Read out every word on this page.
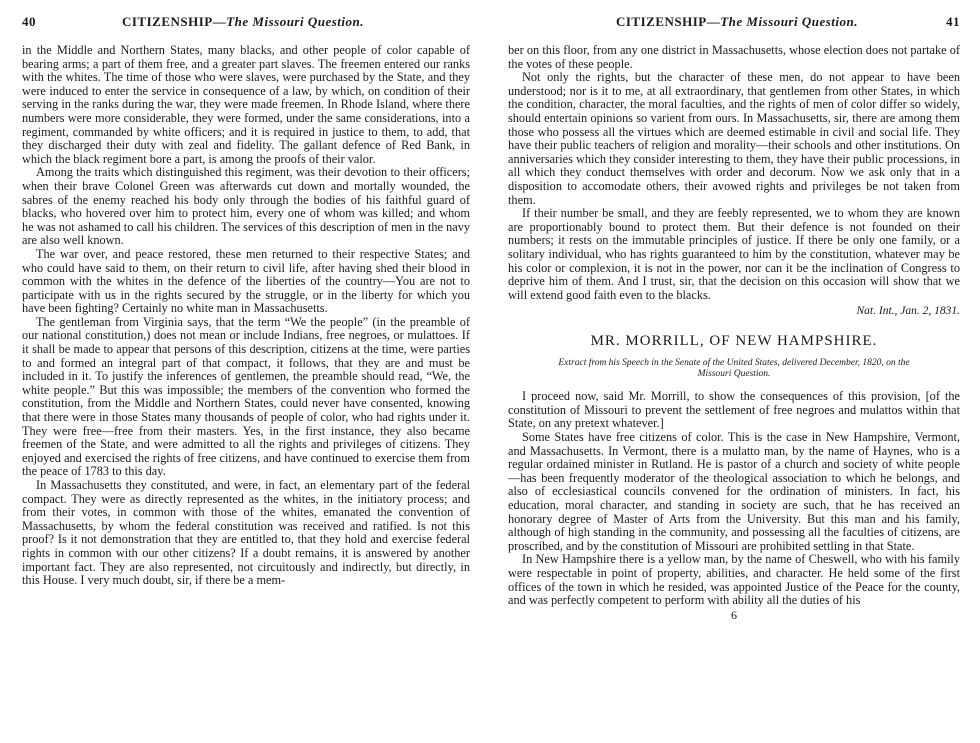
40	CITIZENSHIP—The Missouri Question.

in the Middle and Northern States, many blacks, and other people of color capable of bearing arms; a part of them free, and a greater part slaves. The freemen entered our ranks with the whites. The time of those who were slaves, were purchased by the State, and they were induced to enter the service in consequence of a law, by which, on condition of their serving in the ranks during the war, they were made freemen. In Rhode Island, where there numbers were more considerable, they were formed, under the same considerations, into a regiment, commanded by white officers; and it is required in justice to them, to add, that they discharged their duty with zeal and fidelity. The gallant defence of Red Bank, in which the black regiment bore a part, is among the proofs of their valor.

Among the traits which distinguished this regiment, was their devotion to their officers; when their brave Colonel Green was afterwards cut down and mortally wounded, the sabres of the enemy reached his body only through the bodies of his faithful guard of blacks, who hovered over him to protect him, every one of whom was killed; and whom he was not ashamed to call his children. The services of this description of men in the navy are also well known.

The war over, and peace restored, these men returned to their respective States; and who could have said to them, on their return to civil life, after having shed their blood in common with the whites in the defence of the liberties of the country—You are not to participate with us in the rights secured by the struggle, or in the liberty for which you have been fighting? Certainly no white man in Massachusetts.

The gentleman from Virginia says, that the term “We the people” (in the preamble of our national constitution,) does not mean or include Indians, free negroes, or mulattoes. If it shall be made to appear that persons of this description, citizens at the time, were parties to and formed an integral part of that compact, it follows, that they are and must be included in it. To justify the inferences of gentlemen, the preamble should read, “We, the white people.” But this was impossible; the members of the convention who formed the constitution, from the Middle and Northern States, could never have consented, knowing that there were in those States many thousands of people of color, who had rights under it. They were free—free from their masters. Yes, in the first instance, they also became freemen of the State, and were admitted to all the rights and privileges of citizens. They enjoyed and exercised the rights of free citizens, and have continued to exercise them from the peace of 1783 to this day.

In Massachusetts they constituted, and were, in fact, an elementary part of the federal compact. They were as directly represented as the whites, in the initiatory process; and from their votes, in common with those of the whites, emanated the convention of Massachusetts, by whom the federal constitution was received and ratified. Is not this proof? Is it not demonstration that they are entitled to, that they hold and exercise federal rights in common with our other citizens? If a doubt remains, it is answered by another important fact. They are also represented, not circuitously and indirectly, but directly, in this House. I very much doubt, sir, if there be a mem-

CITIZENSHIP—The Missouri Question.	41

ber on this floor, from any one district in Massachusetts, whose election does not partake of the votes of these people.

Not only the rights, but the character of these men, do not appear to have been understood; nor is it to me, at all extraordinary, that gentlemen from other States, in which the condition, character, the moral faculties, and the rights of men of color differ so widely, should entertain opinions so varient from ours. In Massachusetts, sir, there are among them those who possess all the virtues which are deemed estimable in civil and social life. They have their public teachers of religion and morality—their schools and other institutions. On anniversaries which they consider interesting to them, they have their public processions, in all which they conduct themselves with order and decorum. Now we ask only that in a disposition to accomodate others, their avowed rights and privileges be not taken from them.

If their number be small, and they are feebly represented, we to whom they are known are proportionably bound to protect them. But their defence is not founded on their numbers; it rests on the immutable principles of justice. If there be only one family, or a solitary individual, who has rights guaranteed to him by the constitution, whatever may be his color or complexion, it is not in the power, nor can it be the inclination of Congress to deprive him of them. And I trust, sir, that the decision on this occasion will show that we will extend good faith even to the blacks.

Nat. Int., Jan. 2, 1831.
MR. MORRILL, OF NEW HAMPSHIRE.
Extract from his Speech in the Senate of the United States, delivered December, 1820, on the
Missouri Question.

I proceed now, said Mr. Morrill, to show the consequences of this provision, [of the constitution of Missouri to prevent the settlement of free negroes and mulattos within that State, on any pretext whatever.]

Some States have free citizens of color. This is the case in New Hampshire, Vermont, and Massachusetts. In Vermont, there is a mulatto man, by the name of Haynes, who is a regular ordained minister in Rutland. He is pastor of a church and society of white people—has been frequently moderator of the theological association to which he belongs, and also of ecclesiastical councils convened for the ordination of ministers. In fact, his education, moral character, and standing in society are such, that he has received an honorary degree of Master of Arts from the University. But this man and his family, although of high standing in the community, and possessing all the faculties of citizens, are proscribed, and by the constitution of Missouri are prohibited settling in that State.

In New Hampshire there is a yellow man, by the name of Cheswell, who with his family were respectable in point of property, abilities, and character. He held some of the first offices of the town in which he resided, was appointed Justice of the Peace for the county, and was perfectly competent to perform with ability all the duties of his

6
